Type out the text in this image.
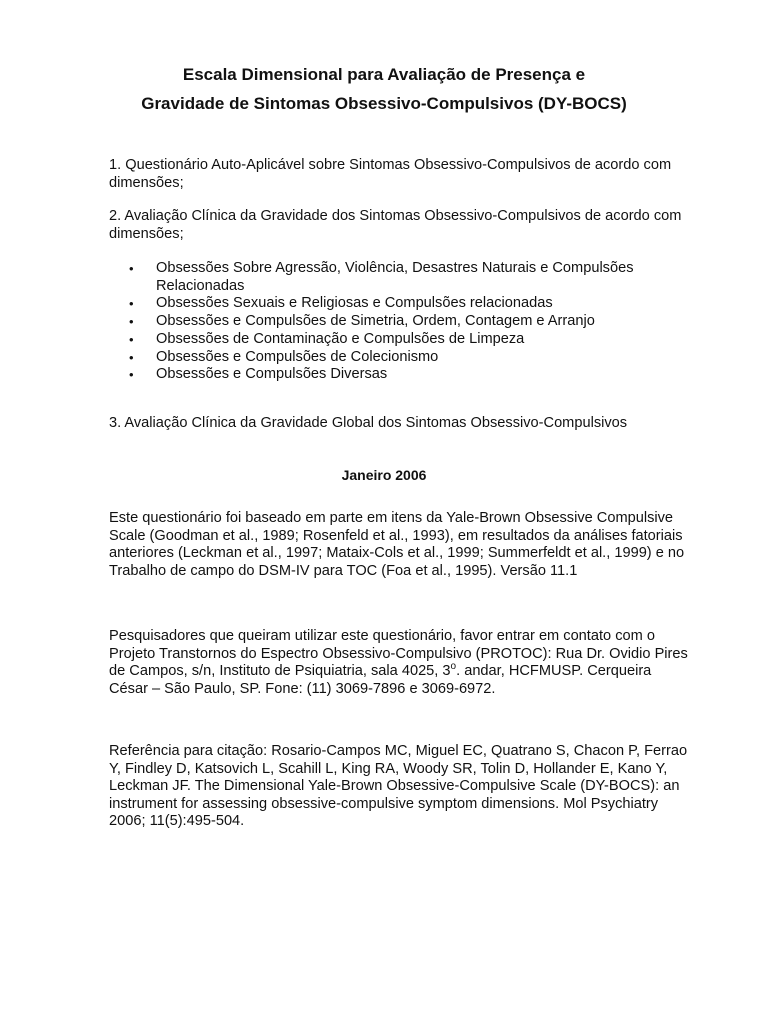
Escala Dimensional para Avaliação de Presença e
Gravidade de Sintomas Obsessivo-Compulsivos (DY-BOCS)

1. Questionário Auto-Aplicável sobre Sintomas Obsessivo-Compulsivos de acordo com dimensões;

2. Avaliação Clínica da Gravidade dos Sintomas Obsessivo-Compulsivos de acordo com dimensões;

• Obsessões Sobre Agressão, Violência, Desastres Naturais e Compulsões Relacionadas
• Obsessões Sexuais e Religiosas e Compulsões relacionadas
• Obsessões e Compulsões de Simetria, Ordem, Contagem e Arranjo
• Obsessões de Contaminação e Compulsões de Limpeza
• Obsessões e Compulsões de Colecionismo
• Obsessões e Compulsões Diversas

3. Avaliação Clínica da Gravidade Global dos Sintomas Obsessivo-Compulsivos

Janeiro 2006

Este questionário foi baseado em parte em itens da Yale-Brown Obsessive Compulsive Scale (Goodman et al., 1989; Rosenfeld et al., 1993), em resultados da análises fatoriais anteriores (Leckman et al., 1997; Mataix-Cols et al., 1999; Summerfeldt et al., 1999) e no Trabalho de campo do DSM-IV para TOC (Foa et al., 1995). Versão 11.1

Pesquisadores que queiram utilizar este questionário, favor entrar em contato com o Projeto Transtornos do Espectro Obsessivo-Compulsivo (PROTOC): Rua Dr. Ovidio Pires de Campos, s/n, Instituto de Psiquiatria, sala 4025, 3$^o$. andar, HCFMUSP. Cerqueira César – São Paulo, SP. Fone: (11) 3069-7896 e 3069-6972.

Referência para citação: Rosario-Campos MC, Miguel EC, Quatrano S, Chacon P, Ferrao Y, Findley D, Katsovich L, Scahill L, King RA, Woody SR, Tolin D, Hollander E, Kano Y, Leckman JF. The Dimensional Yale-Brown Obsessive-Compulsive Scale (DY-BOCS): an instrument for assessing obsessive-compulsive symptom dimensions. Mol Psychiatry 2006; 11(5):495-504.
